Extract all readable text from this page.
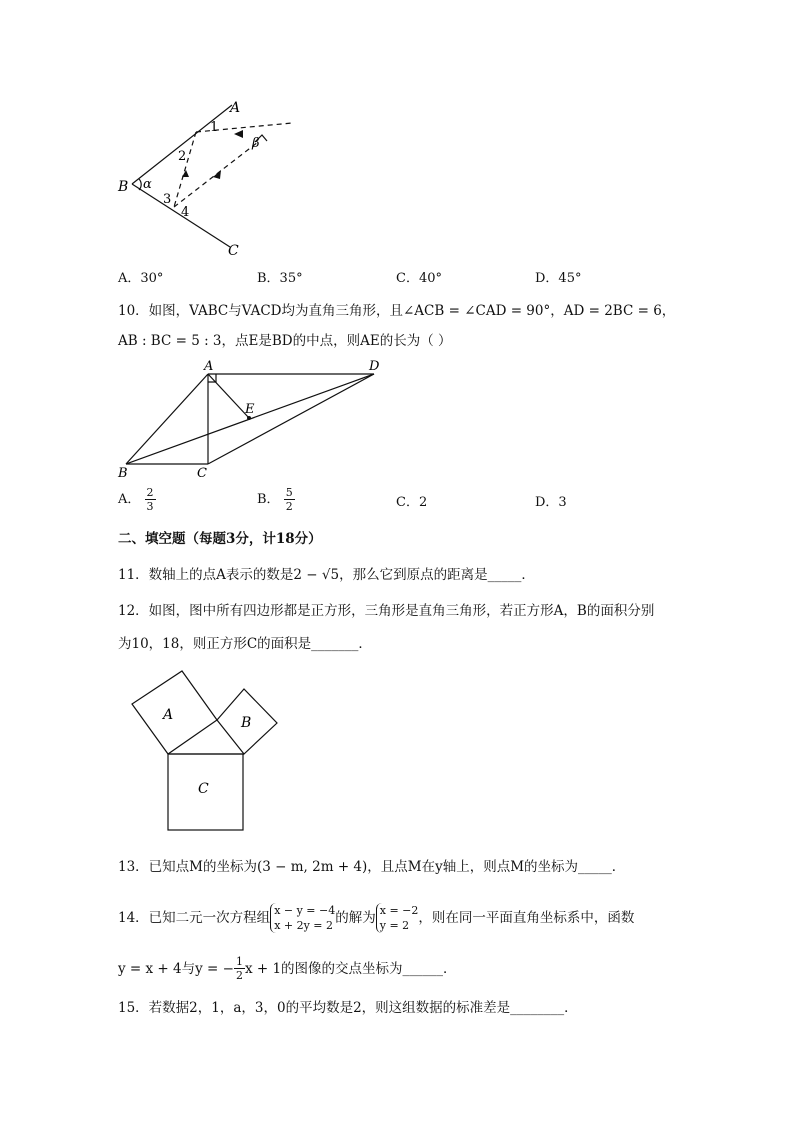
A
B
C
α
β
1
2
3
4
A．30°	B．35°	C．40°	D．45°
10．如图，VABC与VACD均为直角三角形，且∠ACB = ∠CAD = 90°，AD = 2BC = 6，
AB : BC = 5 : 3，点E是BD的中点，则AE的长为（ ）
A	D
E
B	C
A． $\frac{2}{3}$	B． $\frac{5}{2}$	C．2	D．3
二、填空题（每题3分，计18分）
11．数轴上的点A表示的数是2 − √5，那么它到原点的距离是_____．
12．如图，图中所有四边形都是正方形，三角形是直角三角形，若正方形A，B的面积分别
为10，18，则正方形C的面积是_______．
A	B
C
13．已知点M的坐标为(3 − m, 2m + 4)，且点M在y轴上，则点M的坐标为_____．
14．已知二元一次方程组 x − y = −4
x + 2y = 2 的解为 x = −2
y = 2 ，则在同一平面直角坐标系中，函数
y = x + 4与y = − $\frac{1}{2}$ x + 1的图像的交点坐标为______．
15．若数据2，1，a，3，0的平均数是2，则这组数据的标准差是________．
